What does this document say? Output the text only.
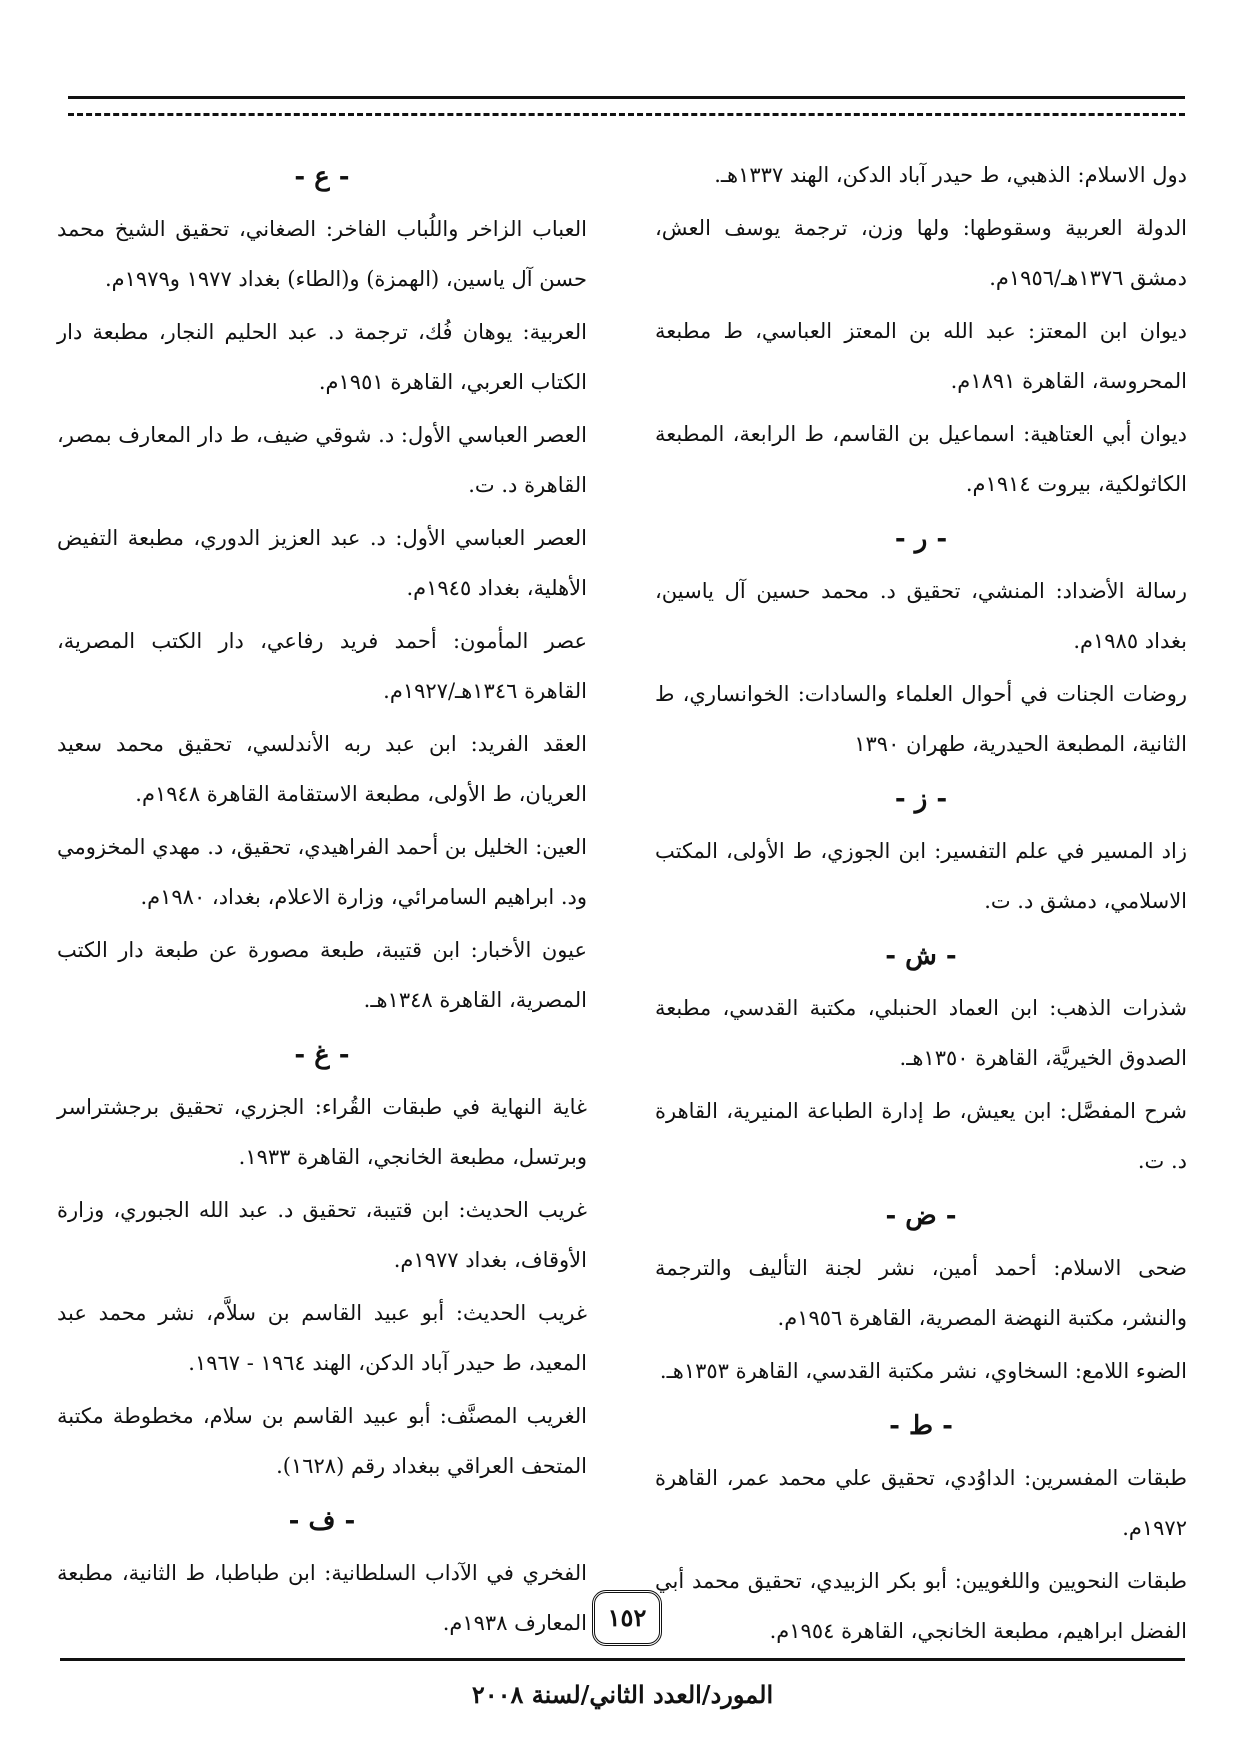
دول الاسلام: الذهبي، ط حيدر آباد الدكن، الهند ١٣٣٧هـ.
الدولة العربية وسقوطها: ولها وزن، ترجمة يوسف العش، دمشق ١٣٧٦هـ/١٩٥٦م.
ديوان ابن المعتز: عبد الله بن المعتز العباسي، ط مطبعة المحروسة، القاهرة ١٨٩١م.
ديوان أبي العتاهية: اسماعيل بن القاسم، ط الرابعة، المطبعة الكاثولكية، بيروت ١٩١٤م.
- ر -
رسالة الأضداد: المنشي، تحقيق د. محمد حسين آل ياسين، بغداد ١٩٨٥م.
روضات الجنات في أحوال العلماء والسادات: الخوانساري، ط الثانية، المطبعة الحيدرية، طهران ١٣٩٠
- ز -
زاد المسير في علم التفسير: ابن الجوزي، ط الأولى، المكتب الاسلامي، دمشق د. ت.
- ش -
شذرات الذهب: ابن العماد الحنبلي، مكتبة القدسي، مطبعة الصدوق الخيريَّة، القاهرة ١٣٥٠هـ.
شرح المفصَّل: ابن يعيش، ط إدارة الطباعة المنيرية، القاهرة د. ت.
- ض -
ضحى الاسلام: أحمد أمين، نشر لجنة التأليف والترجمة والنشر، مكتبة النهضة المصرية، القاهرة ١٩٥٦م.
الضوء اللامع: السخاوي، نشر مكتبة القدسي، القاهرة ١٣٥٣هـ.
- ط -
طبقات المفسرين: الداوُدي، تحقيق علي محمد عمر، القاهرة ١٩٧٢م.
طبقات النحويين واللغويين: أبو بكر الزبيدي، تحقيق محمد أبي الفضل ابراهيم، مطبعة الخانجي، القاهرة ١٩٥٤م.
- ع -
العباب الزاخر واللُباب الفاخر: الصغاني، تحقيق الشيخ محمد حسن آل ياسين، (الهمزة) و(الطاء) بغداد ١٩٧٧ و١٩٧٩م.
العربية: يوهان فُك، ترجمة د. عبد الحليم النجار، مطبعة دار الكتاب العربي، القاهرة ١٩٥١م.
العصر العباسي الأول: د. شوقي ضيف، ط دار المعارف بمصر، القاهرة د. ت.
العصر العباسي الأول: د. عبد العزيز الدوري، مطبعة التفيض الأهلية، بغداد ١٩٤٥م.
عصر المأمون: أحمد فريد رفاعي، دار الكتب المصرية، القاهرة ١٣٤٦هـ/١٩٢٧م.
العقد الفريد: ابن عبد ربه الأندلسي، تحقيق محمد سعيد العريان، ط الأولى، مطبعة الاستقامة القاهرة ١٩٤٨م.
العين: الخليل بن أحمد الفراهيدي، تحقيق، د. مهدي المخزومي ود. ابراهيم السامرائي، وزارة الاعلام، بغداد، ١٩٨٠م.
عيون الأخبار: ابن قتيبة، طبعة مصورة عن طبعة دار الكتب المصرية، القاهرة ١٣٤٨هـ.
- غ -
غاية النهاية في طبقات القُراء: الجزري، تحقيق برجشتراسر وبرتسل، مطبعة الخانجي، القاهرة ١٩٣٣.
غريب الحديث: ابن قتيبة، تحقيق د. عبد الله الجبوري، وزارة الأوقاف، بغداد ١٩٧٧م.
غريب الحديث: أبو عبيد القاسم بن سلاَّم، نشر محمد عبد المعيد، ط حيدر آباد الدكن، الهند ١٩٦٤ - ١٩٦٧.
الغريب المصنَّف: أبو عبيد القاسم بن سلام، مخطوطة مكتبة المتحف العراقي ببغداد رقم (١٦٢٨).
- ف -
الفخري في الآداب السلطانية: ابن طباطبا، ط الثانية، مطبعة المعارف ١٩٣٨م. ١٥٢
المورد/العدد الثاني/لسنة ٢٠٠٨
